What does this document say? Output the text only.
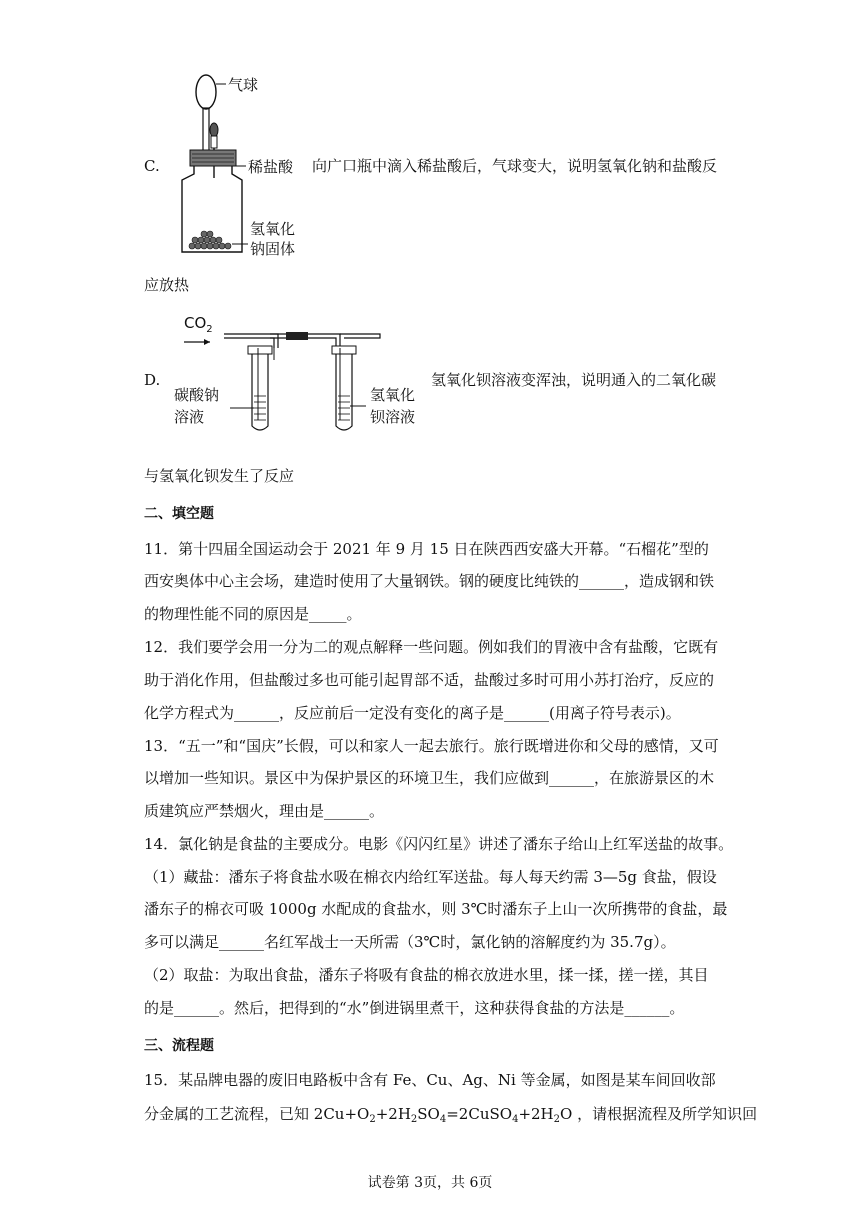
气球
稀盐酸
氢氧化
钠固体
C.	向广口瓶中滴入稀盐酸后，气球变大，说明氢氧化钠和盐酸反
应放热
$CO_2$
碳酸钠
溶液
氢氧化
钡溶液
D.	氢氧化钡溶液变浑浊，说明通入的二氧化碳
与氢氧化钡发生了反应
二、填空题
11．第十四届全国运动会于 2021 年 9 月 15 日在陕西西安盛大开幕。“石榴花”型的
西安奥体中心主会场，建造时使用了大量钢铁。钢的硬度比纯铁的______，造成钢和铁
的物理性能不同的原因是_____。
12．我们要学会用一分为二的观点解释一些问题。例如我们的胃液中含有盐酸，它既有
助于消化作用，但盐酸过多也可能引起胃部不适，盐酸过多时可用小苏打治疗，反应的
化学方程式为______，反应前后一定没有变化的离子是______(用离子符号表示)。
13．“五一”和“国庆”长假，可以和家人一起去旅行。旅行既增进你和父母的感情，又可
以增加一些知识。景区中为保护景区的环境卫生，我们应做到______，在旅游景区的木
质建筑应严禁烟火，理由是______。
14．氯化钠是食盐的主要成分。电影《闪闪红星》讲述了潘东子给山上红军送盐的故事。
（1）藏盐：潘东子将食盐水吸在棉衣内给红军送盐。每人每天约需 3—5g 食盐，假设
潘东子的棉衣可吸 1000g 水配成的食盐水，则 3℃时潘东子上山一次所携带的食盐，最
多可以满足______名红军战士一天所需（3℃时，氯化钠的溶解度约为 35.7g）。
（2）取盐：为取出食盐，潘东子将吸有食盐的棉衣放进水里，揉一揉，搓一搓，其目
的是______。然后，把得到的“水”倒进锅里煮干，这种获得食盐的方法是______。
三、流程题
15．某品牌电器的废旧电路板中含有 Fe、Cu、Ag、Ni 等金属，如图是某车间回收部
分金属的工艺流程，已知 $2Cu+O_2+2H_2SO_4=2CuSO_4+2H_2O$ ，请根据流程及所学知识回
试卷第 3页，共 6页
